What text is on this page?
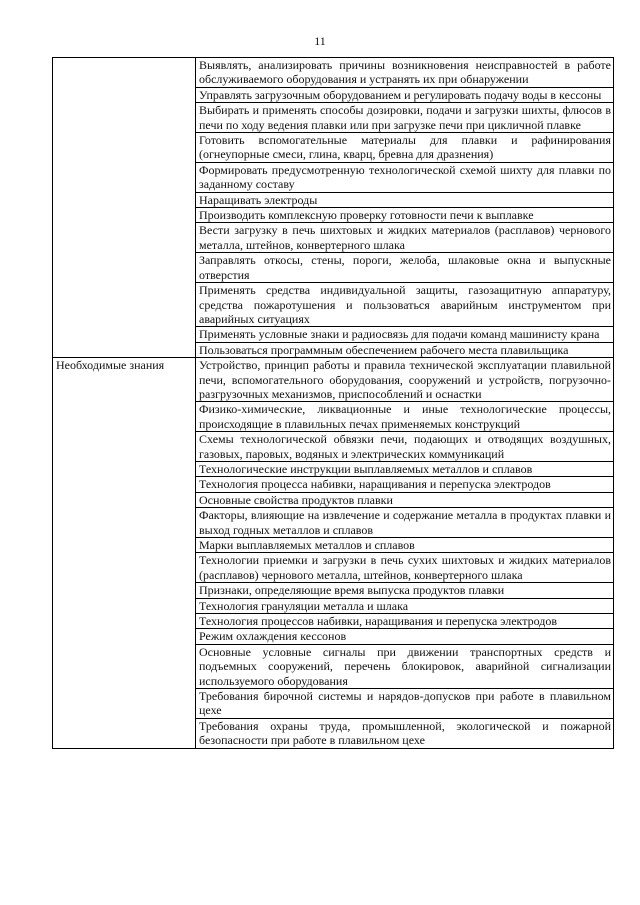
11
	Выявлять, анализировать причины возникновения неисправностей в работе обслуживаемого оборудования и устранять их при обнаружении
	Управлять загрузочным оборудованием и регулировать подачу воды в кессоны
	Выбирать и применять способы дозировки, подачи и загрузки шихты, флюсов в печи по ходу ведения плавки или при загрузке печи при цикличной плавке
	Готовить вспомогательные материалы для плавки и рафинирования (огнеупорные смеси, глина, кварц, бревна для дразнения)
	Формировать предусмотренную технологической схемой шихту для плавки по заданному составу
	Наращивать электроды
	Производить комплексную проверку готовности печи к выплавке
	Вести загрузку в печь шихтовых и жидких материалов (расплавов) чернового металла, штейнов, конвертерного шлака
	Заправлять откосы, стены, пороги, желоба, шлаковые окна и выпускные отверстия
	Применять средства индивидуальной защиты, газозащитную аппаратуру, средства пожаротушения и пользоваться аварийным инструментом при аварийных ситуациях
	Применять условные знаки и радиосвязь для подачи команд машинисту крана
	Пользоваться программным обеспечением рабочего места плавильщика
Необходимые знания	Устройство, принцип работы и правила технической эксплуатации плавильной печи, вспомогательного оборудования, сооружений и устройств, погрузочно-разгрузочных механизмов, приспособлений и оснастки
	Физико-химические, ликвационные и иные технологические процессы, происходящие в плавильных печах применяемых конструкций
	Схемы технологической обвязки печи, подающих и отводящих воздушных, газовых, паровых, водяных и электрических коммуникаций
	Технологические инструкции выплавляемых металлов и сплавов
	Технология процесса набивки, наращивания и перепуска электродов
	Основные свойства продуктов плавки
	Факторы, влияющие на извлечение и содержание металла в продуктах плавки и выход годных металлов и сплавов
	Марки выплавляемых металлов и сплавов
	Технологии приемки и загрузки в печь сухих шихтовых и жидких материалов (расплавов) чернового металла, штейнов, конвертерного шлака
	Признаки, определяющие время выпуска продуктов плавки
	Технология грануляции металла и шлака
	Технология процессов набивки, наращивания и перепуска электродов
	Режим охлаждения кессонов
	Основные условные сигналы при движении транспортных средств и подъемных сооружений, перечень блокировок, аварийной сигнализации используемого оборудования
	Требования бирочной системы и нарядов-допусков при работе в плавильном цехе
	Требования охраны труда, промышленной, экологической и пожарной безопасности при работе в плавильном цехе
